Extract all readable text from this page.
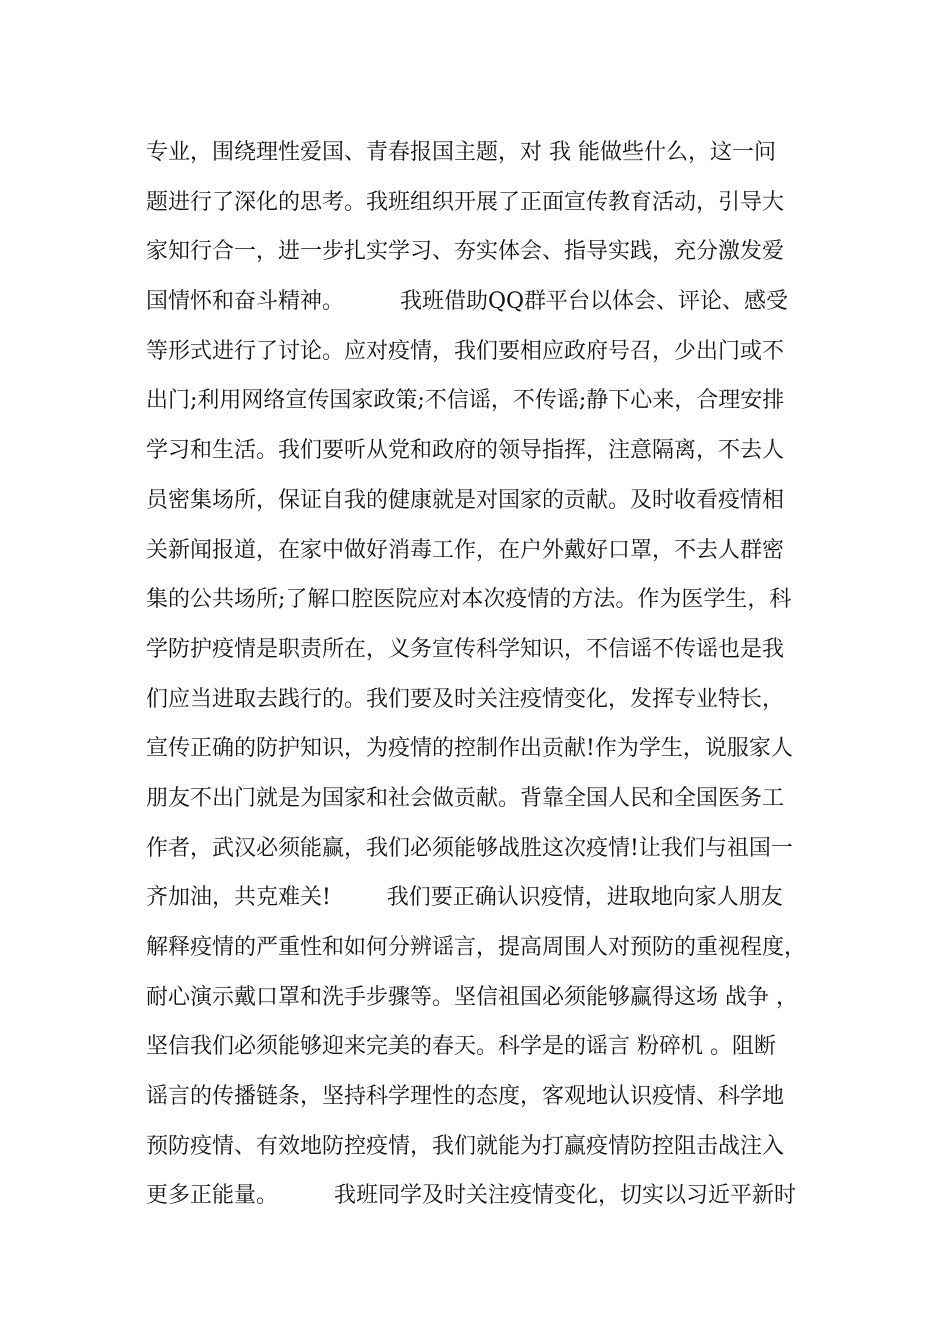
专业，围绕理性爱国、青春报国主题，对 我 能做些什么，这一问
题进行了深化的思考。我班组织开展了正面宣传教育活动，引导大
家知行合一，进一步扎实学习、夯实体会、指导实践，充分激发爱
国情怀和奋斗精神。        我班借助QQ群平台以体会、评论、感受
等形式进行了讨论。应对疫情，我们要相应政府号召，少出门或不
出门;利用网络宣传国家政策;不信谣，不传谣;静下心来，合理安排
学习和生活。我们要听从党和政府的领导指挥，注意隔离，不去人
员密集场所，保证自我的健康就是对国家的贡献。及时收看疫情相
关新闻报道，在家中做好消毒工作，在户外戴好口罩，不去人群密
集的公共场所;了解口腔医院应对本次疫情的方法。作为医学生，科
学防护疫情是职责所在，义务宣传科学知识，不信谣不传谣也是我
们应当进取去践行的。我们要及时关注疫情变化，发挥专业特长，
宣传正确的防护知识，为疫情的控制作出贡献!作为学生，说服家人
朋友不出门就是为国家和社会做贡献。背靠全国人民和全国医务工
作者，武汉必须能赢，我们必须能够战胜这次疫情!让我们与祖国一
齐加油，共克难关!        我们要正确认识疫情，进取地向家人朋友
解释疫情的严重性和如何分辨谣言，提高周围人对预防的重视程度，
耐心演示戴口罩和洗手步骤等。坚信祖国必须能够赢得这场 战争 ，
坚信我们必须能够迎来完美的春天。科学是的谣言 粉碎机 。阻断
谣言的传播链条，坚持科学理性的态度，客观地认识疫情、科学地
预防疫情、有效地防控疫情，我们就能为打赢疫情防控阻击战注入
更多正能量。        我班同学及时关注疫情变化，切实以习近平新时
